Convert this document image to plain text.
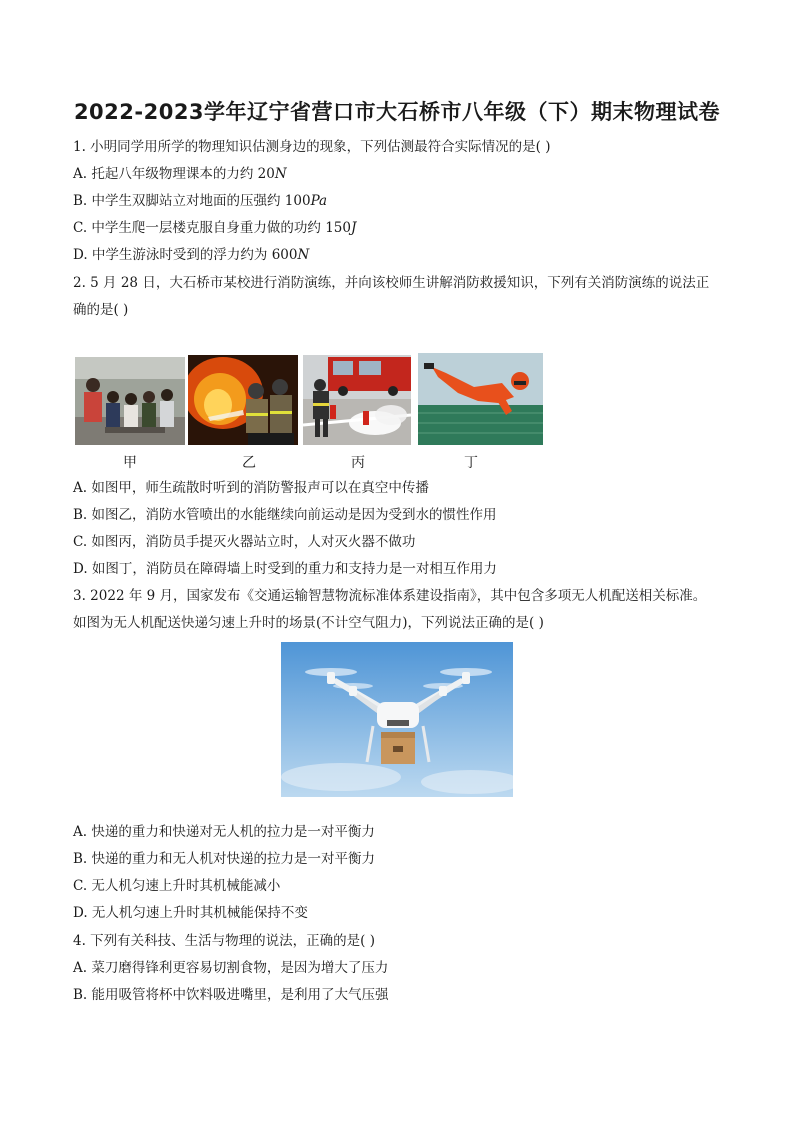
2022-2023学年辽宁省营口市大石桥市八年级（下）期末物理试卷
1. 小明同学用所学的物理知识估测身边的现象，下列估测最符合实际情况的是( )
A. 托起八年级物理课本的力约 20N
B. 中学生双脚站立对地面的压强约 100Pa
C. 中学生爬一层楼克服自身重力做的功约 150J
D. 中学生游泳时受到的浮力约为 600N
2. 5 月 28 日，大石桥市某校进行消防演练，并向该校师生讲解消防救援知识，下列有关消防演练的说法正
确的是( )
甲	乙	丙	丁
A. 如图甲，师生疏散时听到的消防警报声可以在真空中传播
B. 如图乙，消防水管喷出的水能继续向前运动是因为受到水的惯性作用
C. 如图丙，消防员手提灭火器站立时，人对灭火器不做功
D. 如图丁，消防员在障碍墙上时受到的重力和支持力是一对相互作用力
3. 2022 年 9 月，国家发布《交通运输智慧物流标准体系建设指南》，其中包含多项无人机配送相关标准。
如图为无人机配送快递匀速上升时的场景(不计空气阻力)，下列说法正确的是( )
A. 快递的重力和快递对无人机的拉力是一对平衡力
B. 快递的重力和无人机对快递的拉力是一对平衡力
C. 无人机匀速上升时其机械能减小
D. 无人机匀速上升时其机械能保持不变
4. 下列有关科技、生活与物理的说法，正确的是( )
A. 菜刀磨得锋利更容易切割食物，是因为增大了压力
B. 能用吸管将杯中饮料吸进嘴里，是利用了大气压强
